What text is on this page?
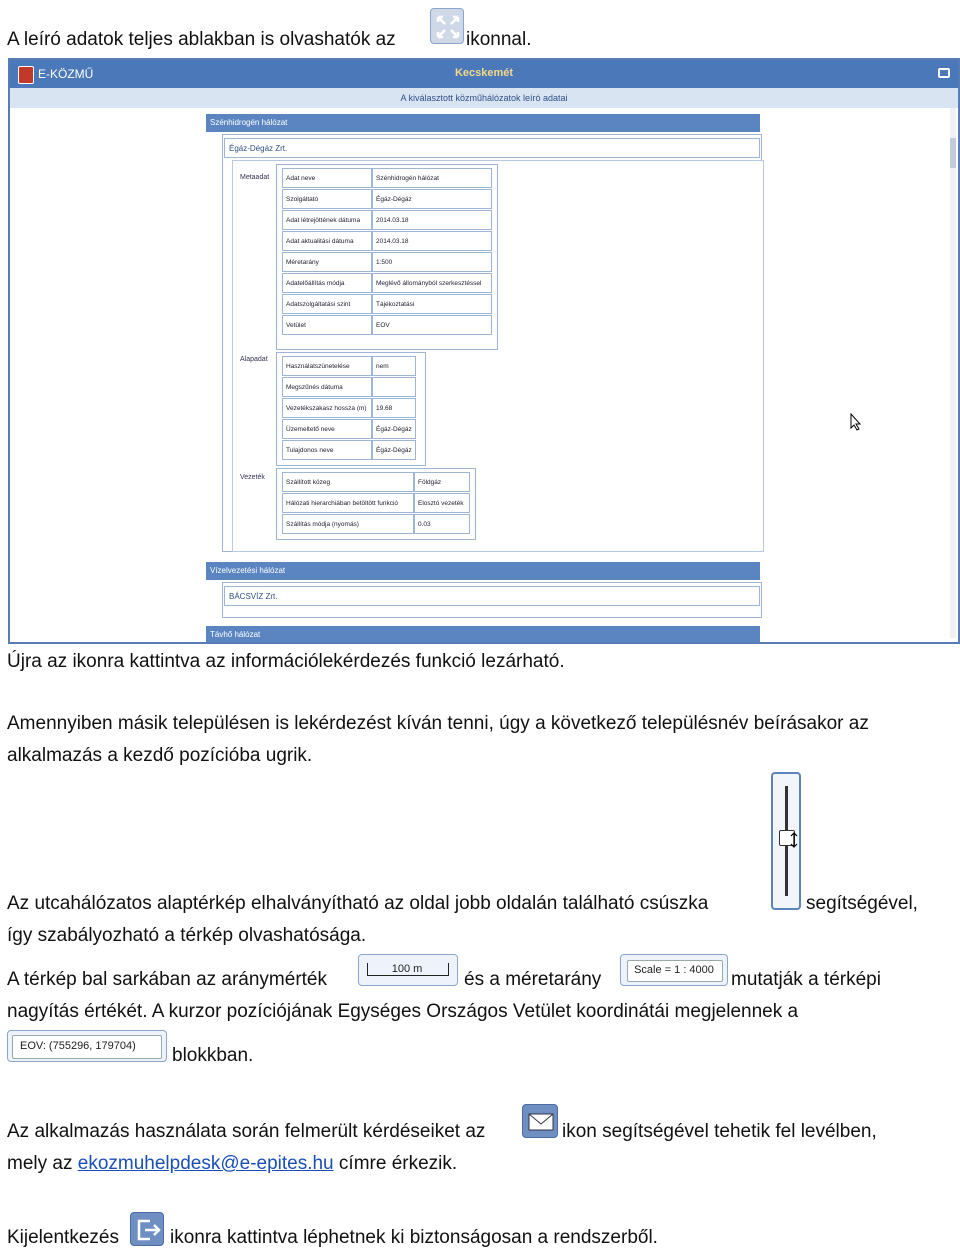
A leíró adatok teljes ablakban is olvashatók az	ikonnal.
E-KÖZMŰ	Kecskemét
A kiválasztott közműhálózatok leíró adatai
Szénhidrogén hálózat
Égáz-Dégáz Zrt.
Metaadat
Alapadat
Vezeték
Vízelvezetési hálózat
BÁCSVÍZ Zrt.
Távhő hálózat
Adat neve	Szénhidrogén hálózat
Szolgáltató	Égáz-Dégáz
Adat létrejöttének dátuma	2014.03.18
Adat aktualitási dátuma	2014.03.18
Méretarány	1:500
Adatelőállítás módja	Meglévő állományból szerkesztéssel
Adatszolgáltatási szint	Tájékoztatási
Vetület	EOV
Használatszünetelése	nem
Megszűnés dátuma
Vezetékszakasz hossza (m)	19.68
Üzemeltető neve	Égáz-Dégáz
Tulajdonos neve	Égáz-Dégáz
Szállított közeg	Földgáz
Hálózati hierarchiában betöltött funkció	Elosztó vezeték
Szállítás módja (nyomás)	0.03
Újra az ikonra kattintva az információlekérdezés funkció lezárható.
Amennyiben másik településen is lekérdezést kíván tenni, úgy a következő településnév beírásakor az
alkalmazás a kezdő pozícióba ugrik.
Az utcahálózatos alaptérkép elhalványítható az oldal jobb oldalán található csúszka	segítségével,
így szabályozható a térkép olvashatósága.
A térkép bal sarkában az aránymérték	100 m	és a méretarány	Scale = 1 : 4000 mutatják a térképi
nagyítás értékét. A kurzor pozíciójának Egységes Országos Vetület koordinátái megjelennek a
EOV: (755296, 179704) blokkban.
Az alkalmazás használata során felmerült kérdéseiket az	ikon segítségével tehetik fel levélben,
mely az ekozmuhelpdesk@e-epites.hu címre érkezik.
Kijelentkezés	ikonra kattintva léphetnek ki biztonságosan a rendszerből.
